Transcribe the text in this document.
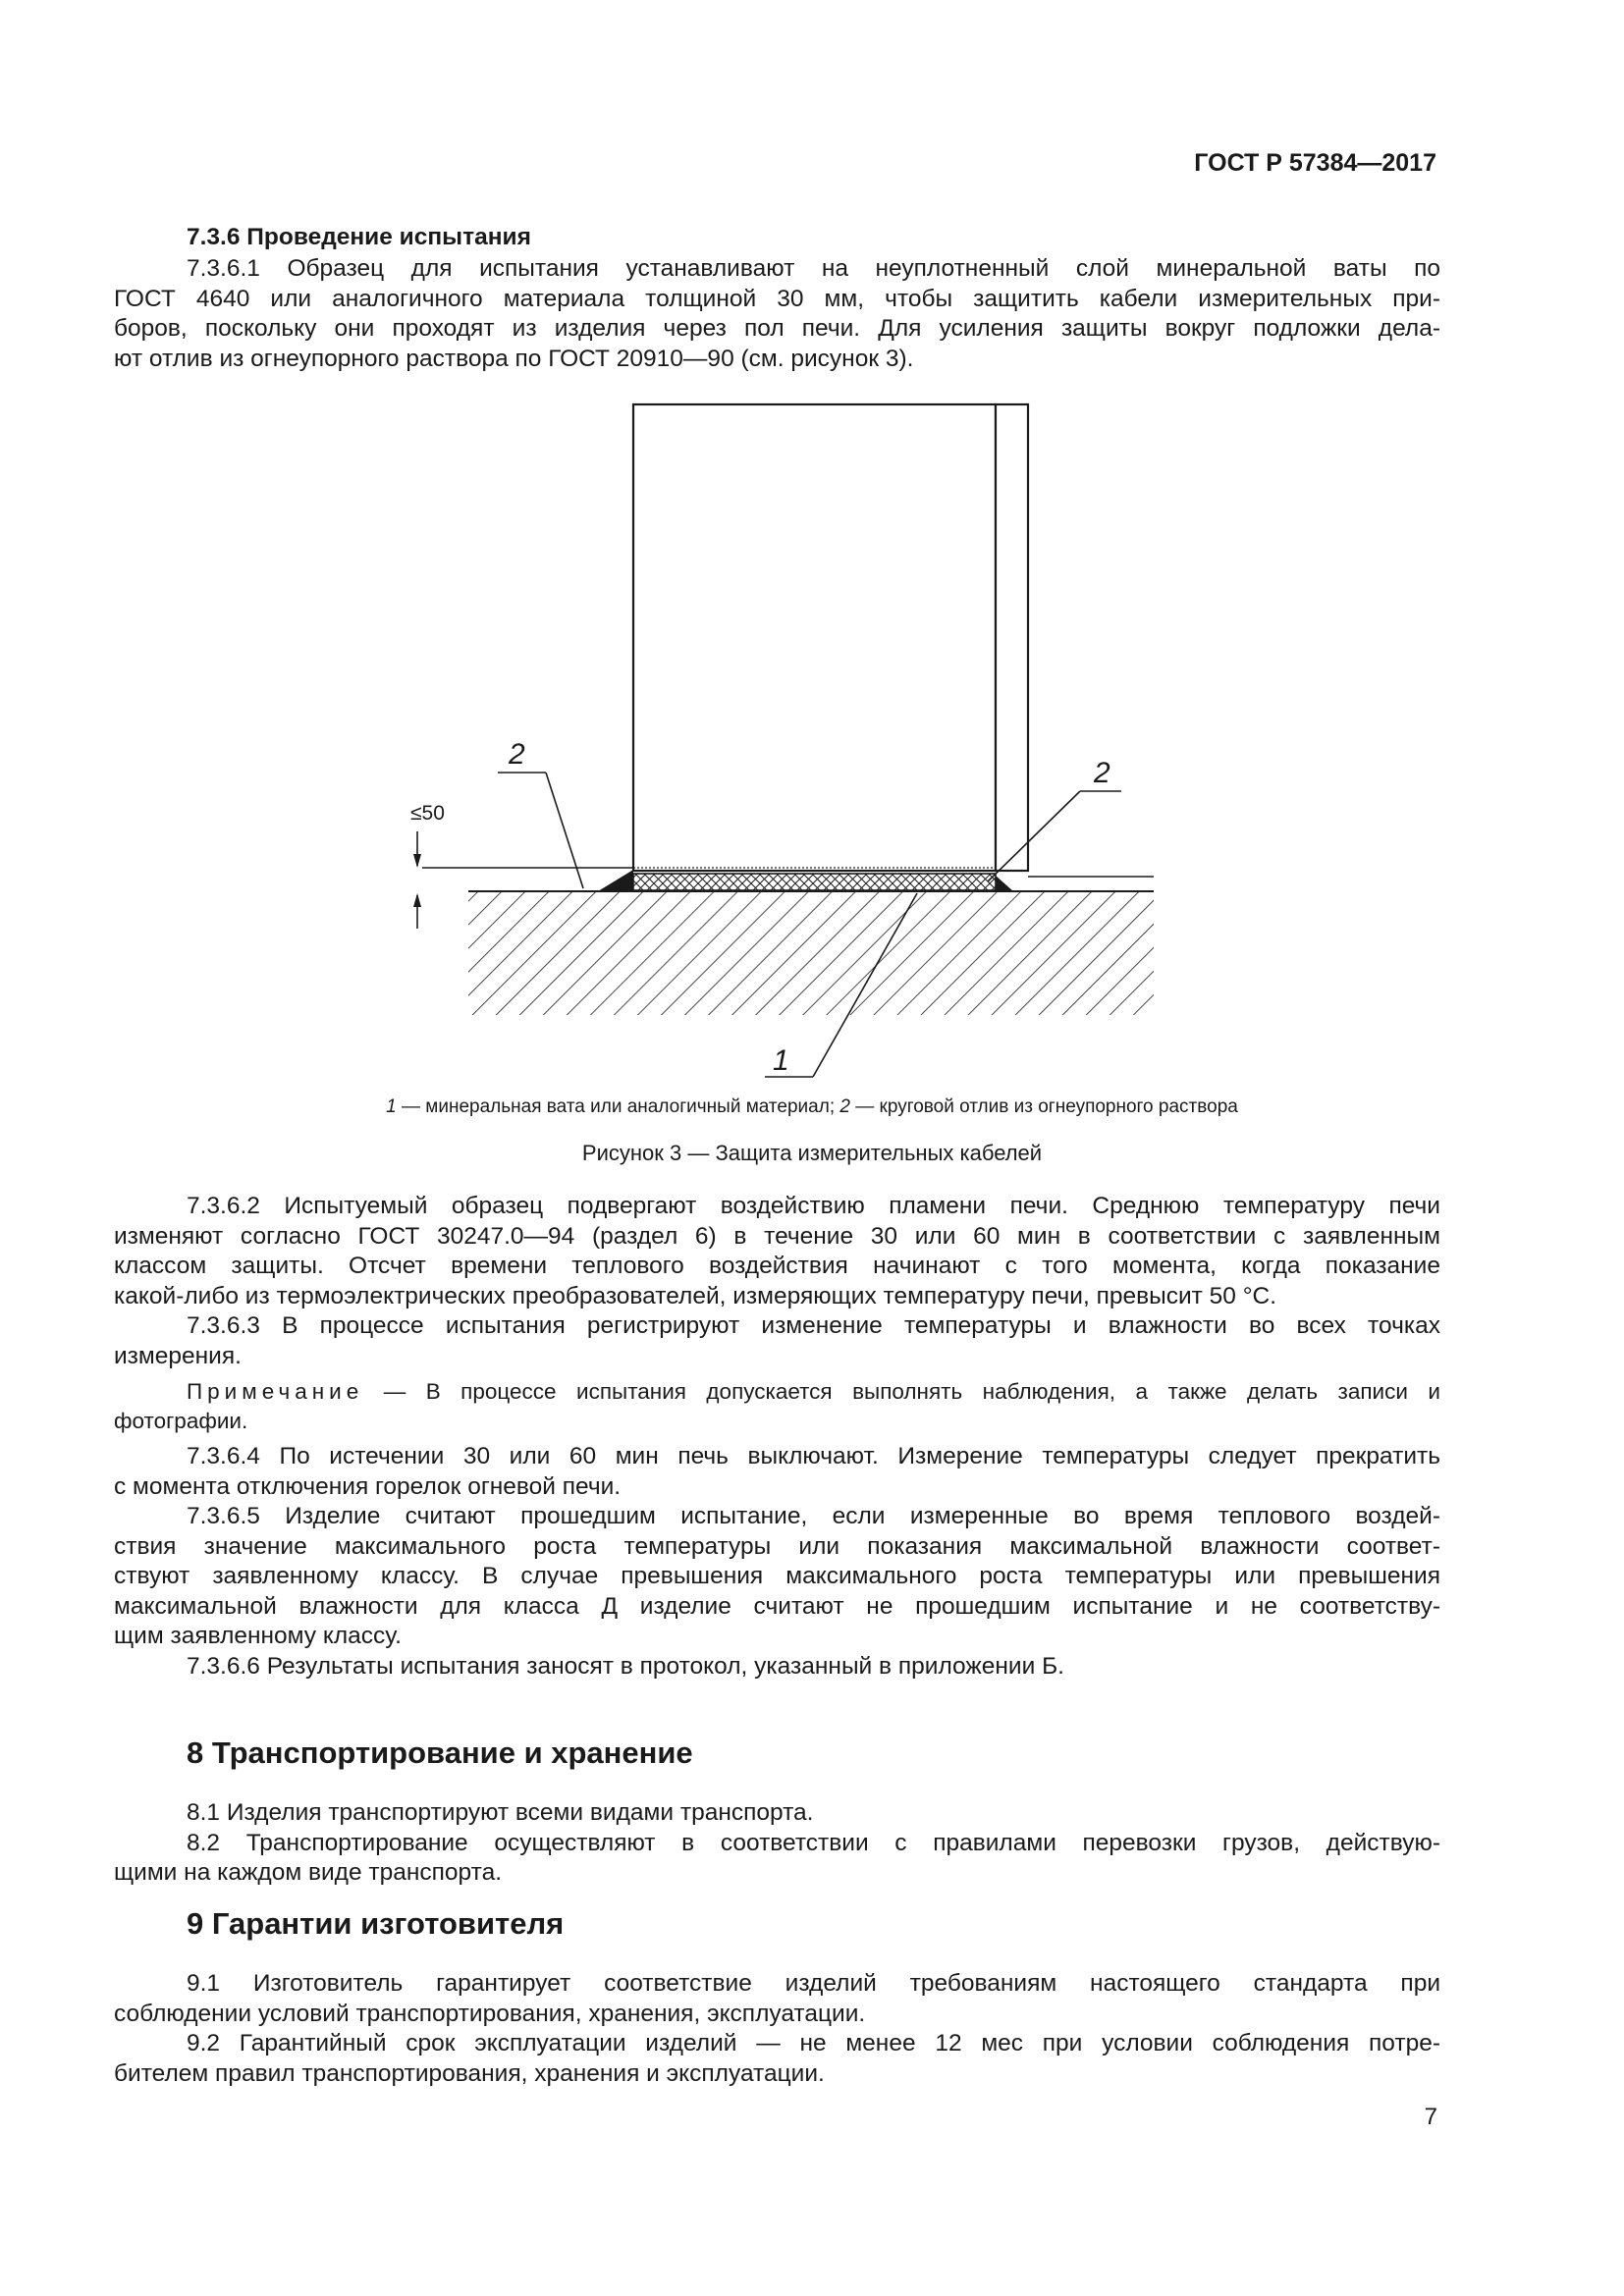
ГОСТ Р 57384—2017
7.3.6 Проведение испытания
7.3.6.1 Образец для испытания устанавливают на неуплотненный слой минеральной ваты по
ГОСТ 4640 или аналогичного материала толщиной 30 мм, чтобы защитить кабели измерительных при-
боров, поскольку они проходят из изделия через пол печи. Для усиления защиты вокруг подложки дела-
ют отлив из огнеупорного раствора по ГОСТ 20910—90 (см. рисунок 3).
≤50
2
2
1
1 — минеральная вата или аналогичный материал; 2 — круговой отлив из огнеупорного раствора
Рисунок 3 — Защита измерительных кабелей
7.3.6.2 Испытуемый образец подвергают воздействию пламени печи. Среднюю температуру печи
изменяют согласно ГОСТ 30247.0—94 (раздел 6) в течение 30 или 60 мин в соответствии с заявленным
классом защиты. Отсчет времени теплового воздействия начинают с того момента, когда показание
какой-либо из термоэлектрических преобразователей, измеряющих температуру печи, превысит 50 °С.
7.3.6.3 В процессе испытания регистрируют изменение температуры и влажности во всех точках
измерения.
Примечание — В процессе испытания допускается выполнять наблюдения, а также делать записи и
фотографии.
7.3.6.4 По истечении 30 или 60 мин печь выключают. Измерение температуры следует прекратить
с момента отключения горелок огневой печи.
7.3.6.5 Изделие считают прошедшим испытание, если измеренные во время теплового воздей-
ствия значение максимального роста температуры или показания максимальной влажности соответ-
ствуют заявленному классу. В случае превышения максимального роста температуры или превышения
максимальной влажности для класса Д изделие считают не прошедшим испытание и не соответству-
щим заявленному классу.
7.3.6.6 Результаты испытания заносят в протокол, указанный в приложении Б.
8 Транспортирование и хранение
8.1 Изделия транспортируют всеми видами транспорта.
8.2 Транспортирование осуществляют в соответствии с правилами перевозки грузов, действую-
щими на каждом виде транспорта.
9 Гарантии изготовителя
9.1 Изготовитель гарантирует соответствие изделий требованиям настоящего стандарта при
соблюдении условий транспортирования, хранения, эксплуатации.
9.2 Гарантийный срок эксплуатации изделий — не менее 12 мес при условии соблюдения потре-
бителем правил транспортирования, хранения и эксплуатации.
7
